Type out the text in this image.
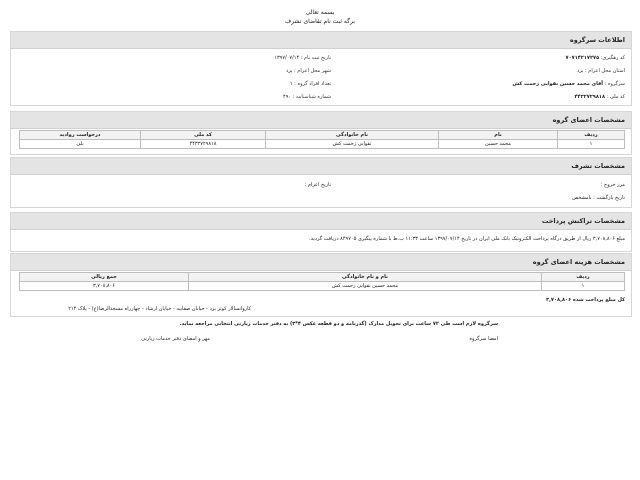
بسمه تعالی
برگه ثبت نام تقاضای تشرف
اطلاعات سرگروه
کد رهگیری: ۷۰۷۱۴۲۱۷۲۷۵
تاریخ ثبت نام : ۱۳۹۷/۰۷/۱۴
استان محل اعزام : یزد
شهر محل اعزام : یزد
سرگروه : آقای محمد حسین تقوایی زحمت کش
تعداد افراد گروه : ۱
کد ملی : ۴۴۳۲۷۲۹۸۱۸
شماره شناسنامه : ۴۹۰
مشخصات اعضای گروه
ردیف	نام	نام خانوادگی	کد ملی	درخواست رواديد
۱	محمد حسین	تقوایی زحمت کش	۴۴۳۲۷۲۹۸۱۸	بلی
مشخصات تشرف
مرز خروج :
تاریخ اعزام :
تاریخ بازگشت : نامشخص
مشخصات تراکنش پرداخت
مبلغ ۳,۷۰۸,۸۰۶ ریال از طریق درگاه پرداخت الکترونیک بانک ملی ایران در تاریخ ۱۳۹۷/۰۷/۱۴ ساعت ۱۱:۳۳ ب.ظ با شماره پیگیری ۸۴۹۷۰۵ دریافت گردید.
مشخصات هزینه اعضای گروه
ردیف	نام و نام خانوادگی	جمع ریالی
۱	محمد حسین تقوایی زحمت کش	۳,۷۰۸,۸۰۶
کل مبلغ پرداخت شده ۳,۷۰۸,۸۰۶
کاروانسالار کوثر یزد - خیابان صفاییه - خیابان ارشاد - چهارراه مسجدالرضا(ع) - پلاک ۲۱۴
سرگروه لازم است طی ۷۲ ساعت برای تحویل مدارک (گذرنامه و دو قطعه عکس ۴*۳) به دفتر خدمات زیارتی انتخابی مراجعه نماید.
امضا سرگروه
مهر و امضای دفتر خدمات زیارتی
